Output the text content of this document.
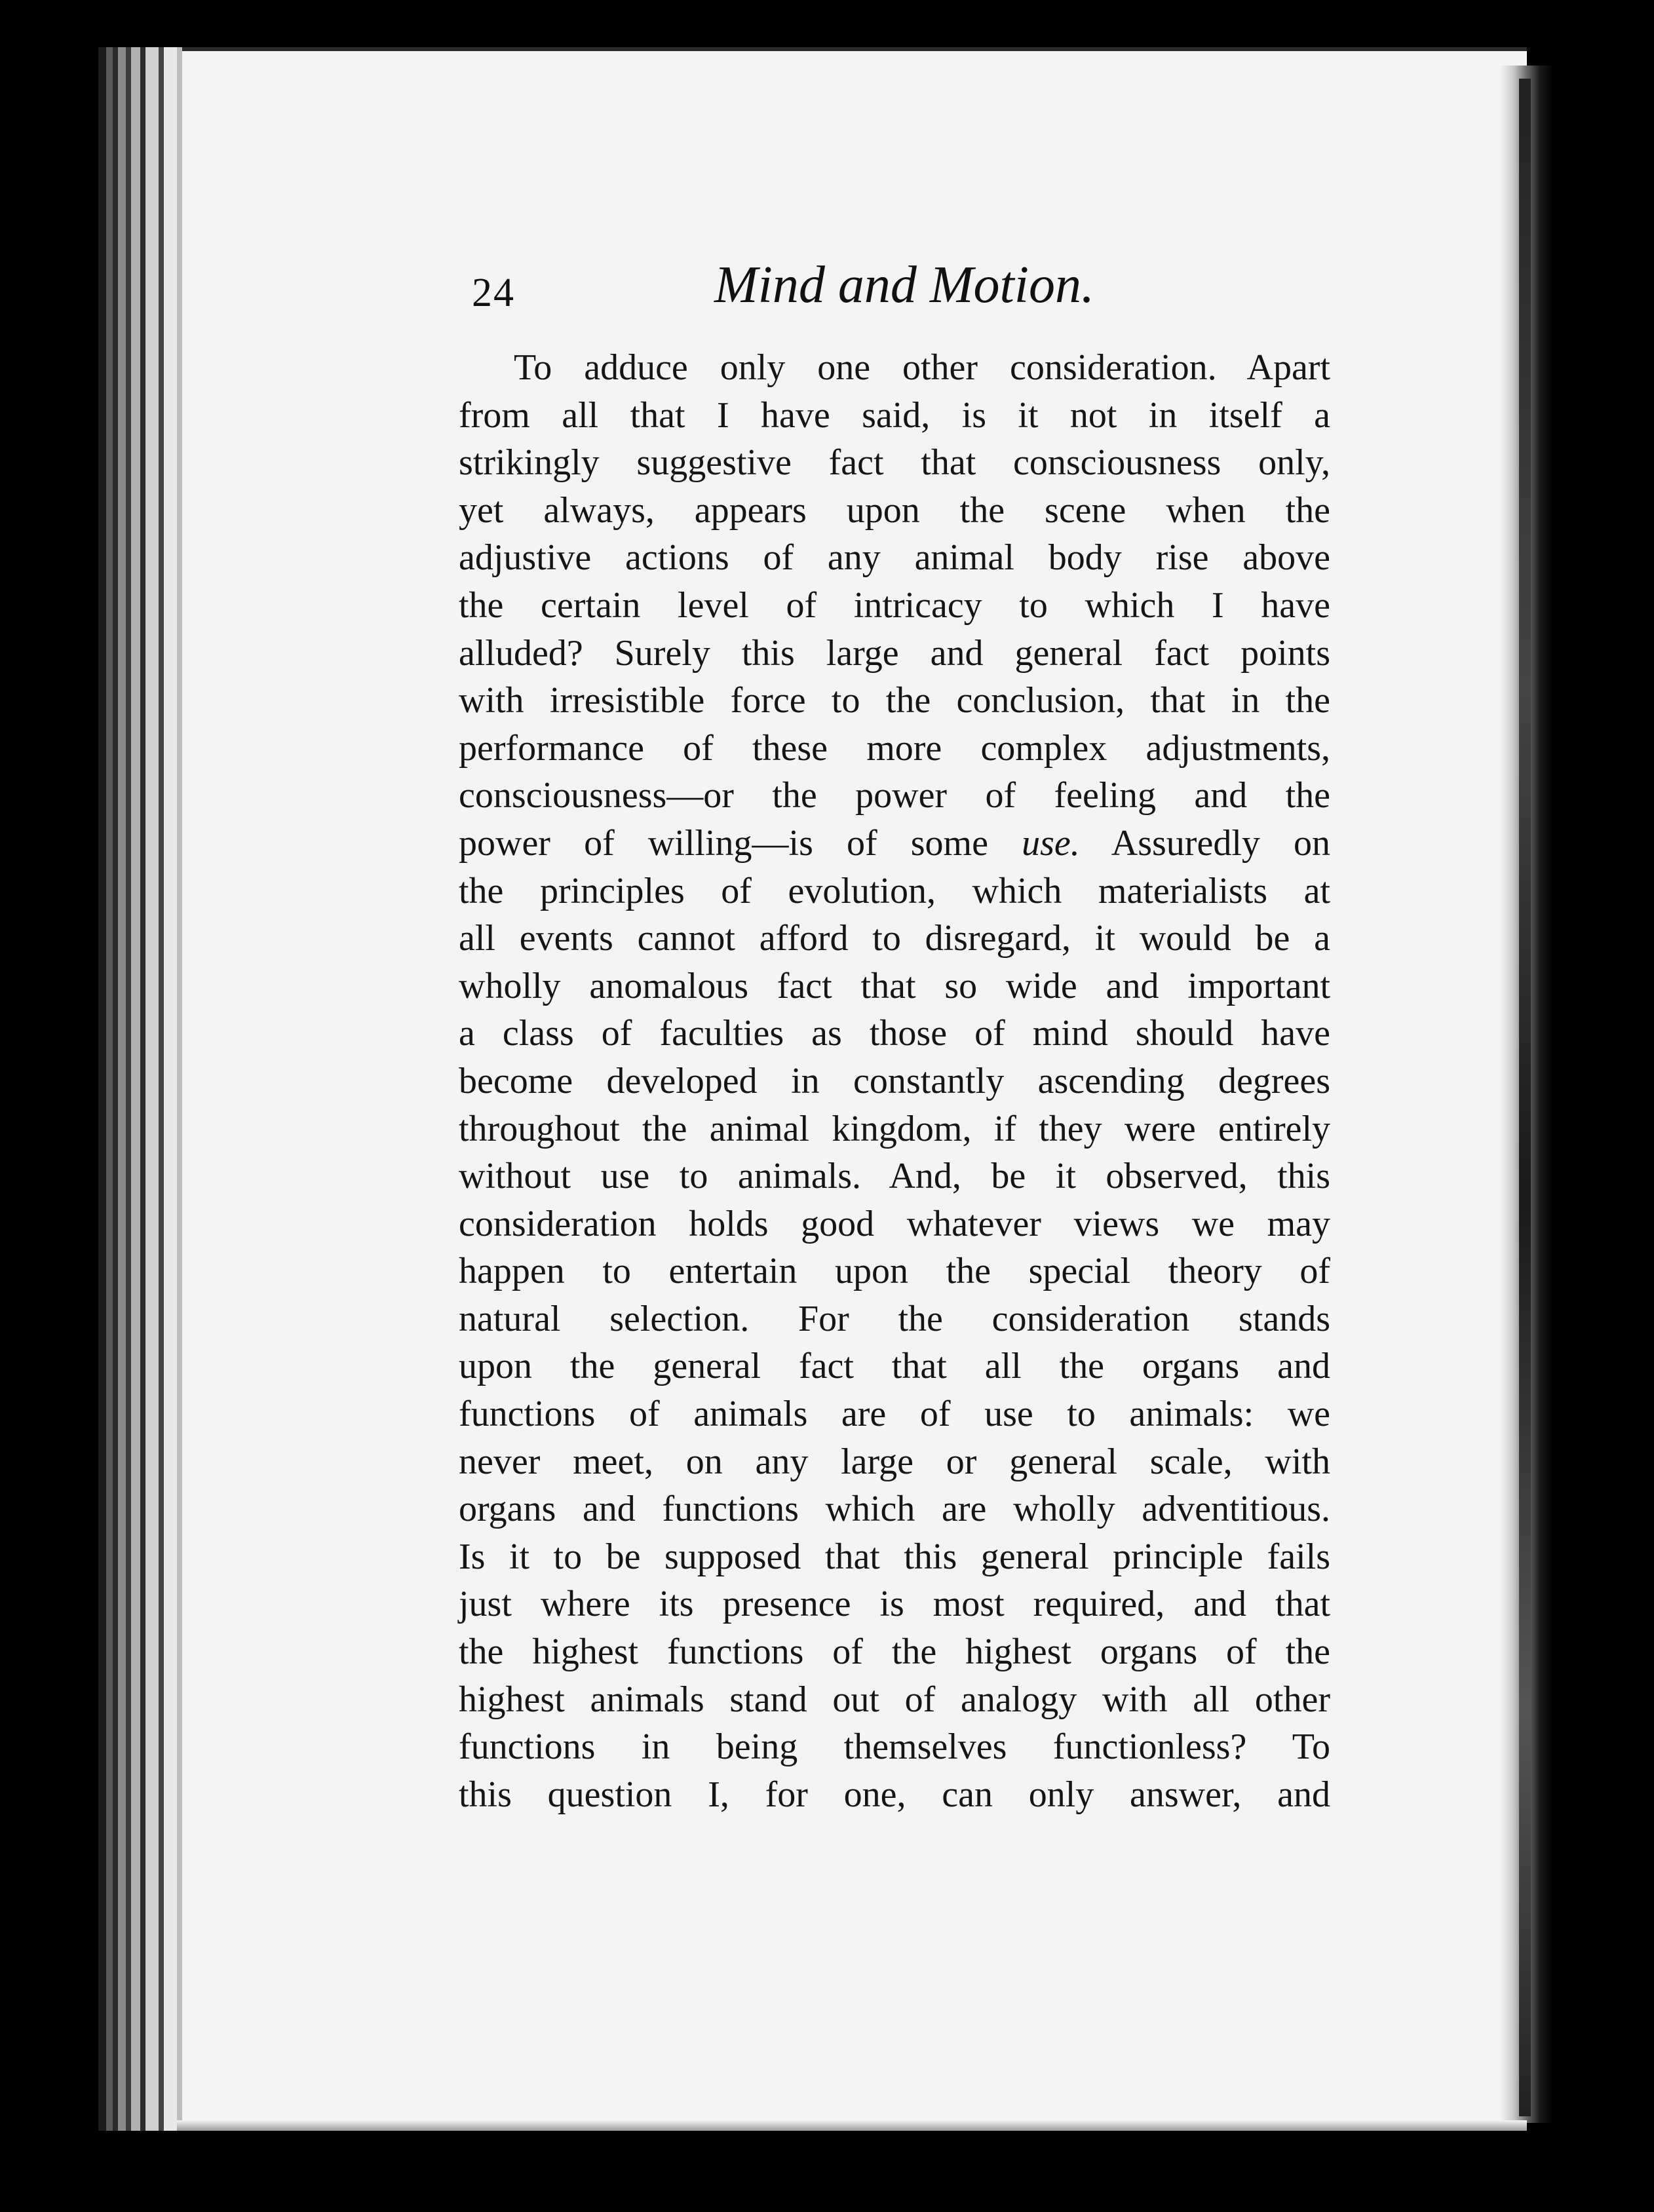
24	Mind and Motion.
To adduce only one other consideration. Apart
from all that I have said, is it not in itself a
strikingly suggestive fact that consciousness only,
yet always, appears upon the scene when the
adjustive actions of any animal body rise above
the certain level of intricacy to which I have
alluded? Surely this large and general fact points
with irresistible force to the conclusion, that in the
performance of these more complex adjustments,
consciousness—or the power of feeling and the
power of willing—is of some use. Assuredly on
the principles of evolution, which materialists at
all events cannot afford to disregard, it would be a
wholly anomalous fact that so wide and important
a class of faculties as those of mind should have
become developed in constantly ascending degrees
throughout the animal kingdom, if they were entirely
without use to animals. And, be it observed, this
consideration holds good whatever views we may
happen to entertain upon the special theory of
natural selection. For the consideration stands
upon the general fact that all the organs and
functions of animals are of use to animals: we
never meet, on any large or general scale, with
organs and functions which are wholly adventitious.
Is it to be supposed that this general principle fails
just where its presence is most required, and that
the highest functions of the highest organs of the
highest animals stand out of analogy with all other
functions in being themselves functionless? To
this question I, for one, can only answer, and
